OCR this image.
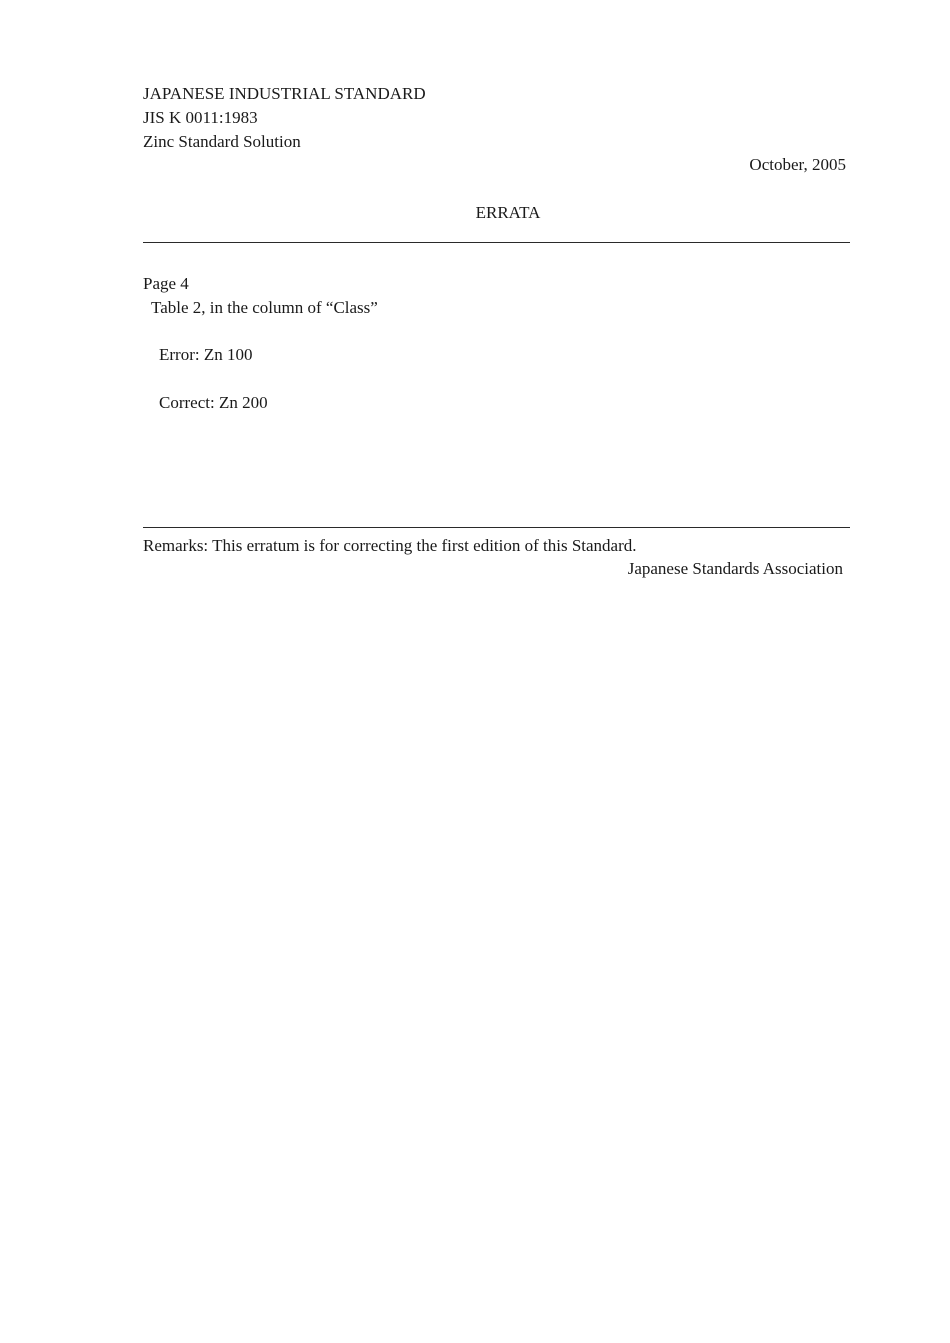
JAPANESE INDUSTRIAL STANDARD
JIS K 0011:1983
Zinc Standard Solution
October, 2005
ERRATA
Page 4
Table 2, in the column of “Class”
Error: Zn 100
Correct: Zn 200
Remarks: This erratum is for correcting the first edition of this Standard.
Japanese Standards Association
